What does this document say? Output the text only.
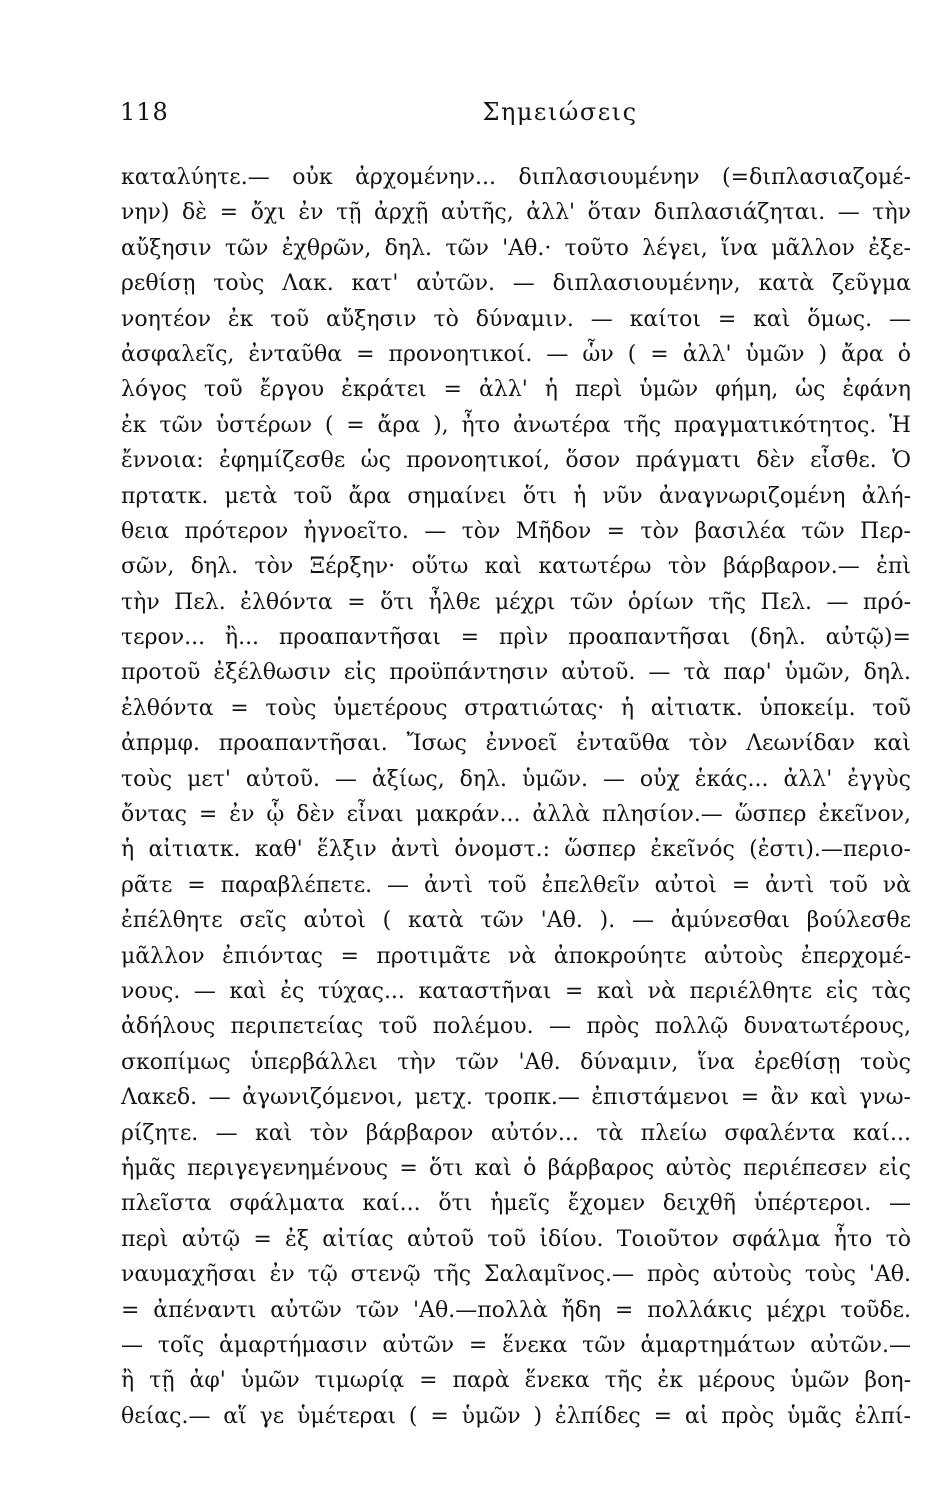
118	Σημειώσεις
καταλύητε.— οὐκ ἀρχομένην... διπλασιουμένην (=διπλασιαζομέ-
νην) δὲ = ὄχι ἐν τῇ ἀρχῇ αὐτῆς, ἀλλ' ὅταν διπλασιάζηται. — τὴν
αὔξησιν τῶν ἐχθρῶν, δηλ. τῶν 'Αθ.· τοῦτο λέγει, ἵνα μᾶλλον ἐξε-
ρεθίσῃ τοὺς Λακ. κατ' αὐτῶν. — διπλασιουμένην, κατὰ ζεῦγμα
νοητέον ἐκ τοῦ αὔξησιν τὸ δύναμιν. — καίτοι = καὶ ὅμως. —
ἀσφαλεῖς, ἐνταῦθα = προνοητικοί. — ὧν ( = ἀλλ' ὑμῶν ) ἄρα ὁ
λόγος τοῦ ἔργου ἐκράτει = ἀλλ' ἡ περὶ ὑμῶν φήμη, ὡς ἐφάνη
ἐκ τῶν ὑστέρων ( = ἄρα ), ἦτο ἀνωτέρα τῆς πραγματικότητος. Ἡ
ἔννοια: ἐφημίζεσθε ὡς προνοητικοί, ὅσον πράγματι δὲν εἶσθε. Ὁ
πρτατκ. μετὰ τοῦ ἄρα σημαίνει ὅτι ἡ νῦν ἀναγνωριζομένη ἀλή-
θεια πρότερον ἠγνοεῖτο. — τὸν Μῆδον = τὸν βασιλέα τῶν Περ-
σῶν, δηλ. τὸν Ξέρξην· οὕτω καὶ κατωτέρω τὸν βάρβαρον.— ἐπὶ
τὴν Πελ. ἐλθόντα = ὅτι ἦλθε μέχρι τῶν ὁρίων τῆς Πελ. — πρό-
τερον... ἢ... προαπαντῆσαι = πρὶν προαπαντῆσαι (δηλ. αὐτῷ)=
προτοῦ ἐξέλθωσιν εἰς προϋπάντησιν αὐτοῦ. — τὰ παρ' ὑμῶν, δηλ.
ἐλθόντα = τοὺς ὑμετέρους στρατιώτας· ἡ αἰτιατκ. ὑποκείμ. τοῦ
ἀπρμφ. προαπαντῆσαι. Ἴσως ἐννοεῖ ἐνταῦθα τὸν Λεωνίδαν καὶ
τοὺς μετ' αὐτοῦ. — ἀξίως, δηλ. ὑμῶν. — οὐχ ἑκάς... ἀλλ' ἐγγὺς
ὄντας = ἐν ᾧ δὲν εἶναι μακράν... ἀλλὰ πλησίον.— ὥσπερ ἐκεῖνον,
ἡ αἰτιατκ. καθ' ἕλξιν ἀντὶ ὀνομστ.: ὥσπερ ἐκεῖνός (ἐστι).—περιο-
ρᾶτε = παραβλέπετε. — ἀντὶ τοῦ ἐπελθεῖν αὐτοὶ = ἀντὶ τοῦ νὰ
ἐπέλθητε σεῖς αὐτοὶ ( κατὰ τῶν 'Αθ. ). — ἀμύνεσθαι βούλεσθε
μᾶλλον ἐπιόντας = προτιμᾶτε νὰ ἀποκρούητε αὐτοὺς ἐπερχομέ-
νους. — καὶ ἐς τύχας... καταστῆναι = καὶ νὰ περιέλθητε εἰς τὰς
ἀδήλους περιπετείας τοῦ πολέμου. — πρὸς πολλῷ δυνατωτέρους,
σκοπίμως ὑπερβάλλει τὴν τῶν 'Αθ. δύναμιν, ἵνα ἐρεθίσῃ τοὺς
Λακεδ. — ἀγωνιζόμενοι, μετχ. τροπκ.— ἐπιστάμενοι = ἂν καὶ γνω-
ρίζητε. — καὶ τὸν βάρβαρον αὐτόν... τὰ πλείω σφαλέντα καί...
ἡμᾶς περιγεγενημένους = ὅτι καὶ ὁ βάρβαρος αὐτὸς περιέπεσεν εἰς
πλεῖστα σφάλματα καί... ὅτι ἡμεῖς ἔχομεν δειχθῆ ὑπέρτεροι. —
περὶ αὐτῷ = ἐξ αἰτίας αὐτοῦ τοῦ ἰδίου. Τοιοῦτον σφάλμα ἦτο τὸ
ναυμαχῆσαι ἐν τῷ στενῷ τῆς Σαλαμῖνος.— πρὸς αὐτοὺς τοὺς 'Αθ.
= ἀπέναντι αὐτῶν τῶν 'Αθ.—πολλὰ ἤδη = πολλάκις μέχρι τοῦδε.
— τοῖς ἁμαρτήμασιν αὐτῶν = ἕνεκα τῶν ἁμαρτημάτων αὐτῶν.—
ἢ τῇ ἀφ' ὑμῶν τιμωρίᾳ = παρὰ ἕνεκα τῆς ἐκ μέρους ὑμῶν βοη-
θείας.— αἵ γε ὑμέτεραι ( = ὑμῶν ) ἐλπίδες = αἱ πρὸς ὑμᾶς ἐλπί-
